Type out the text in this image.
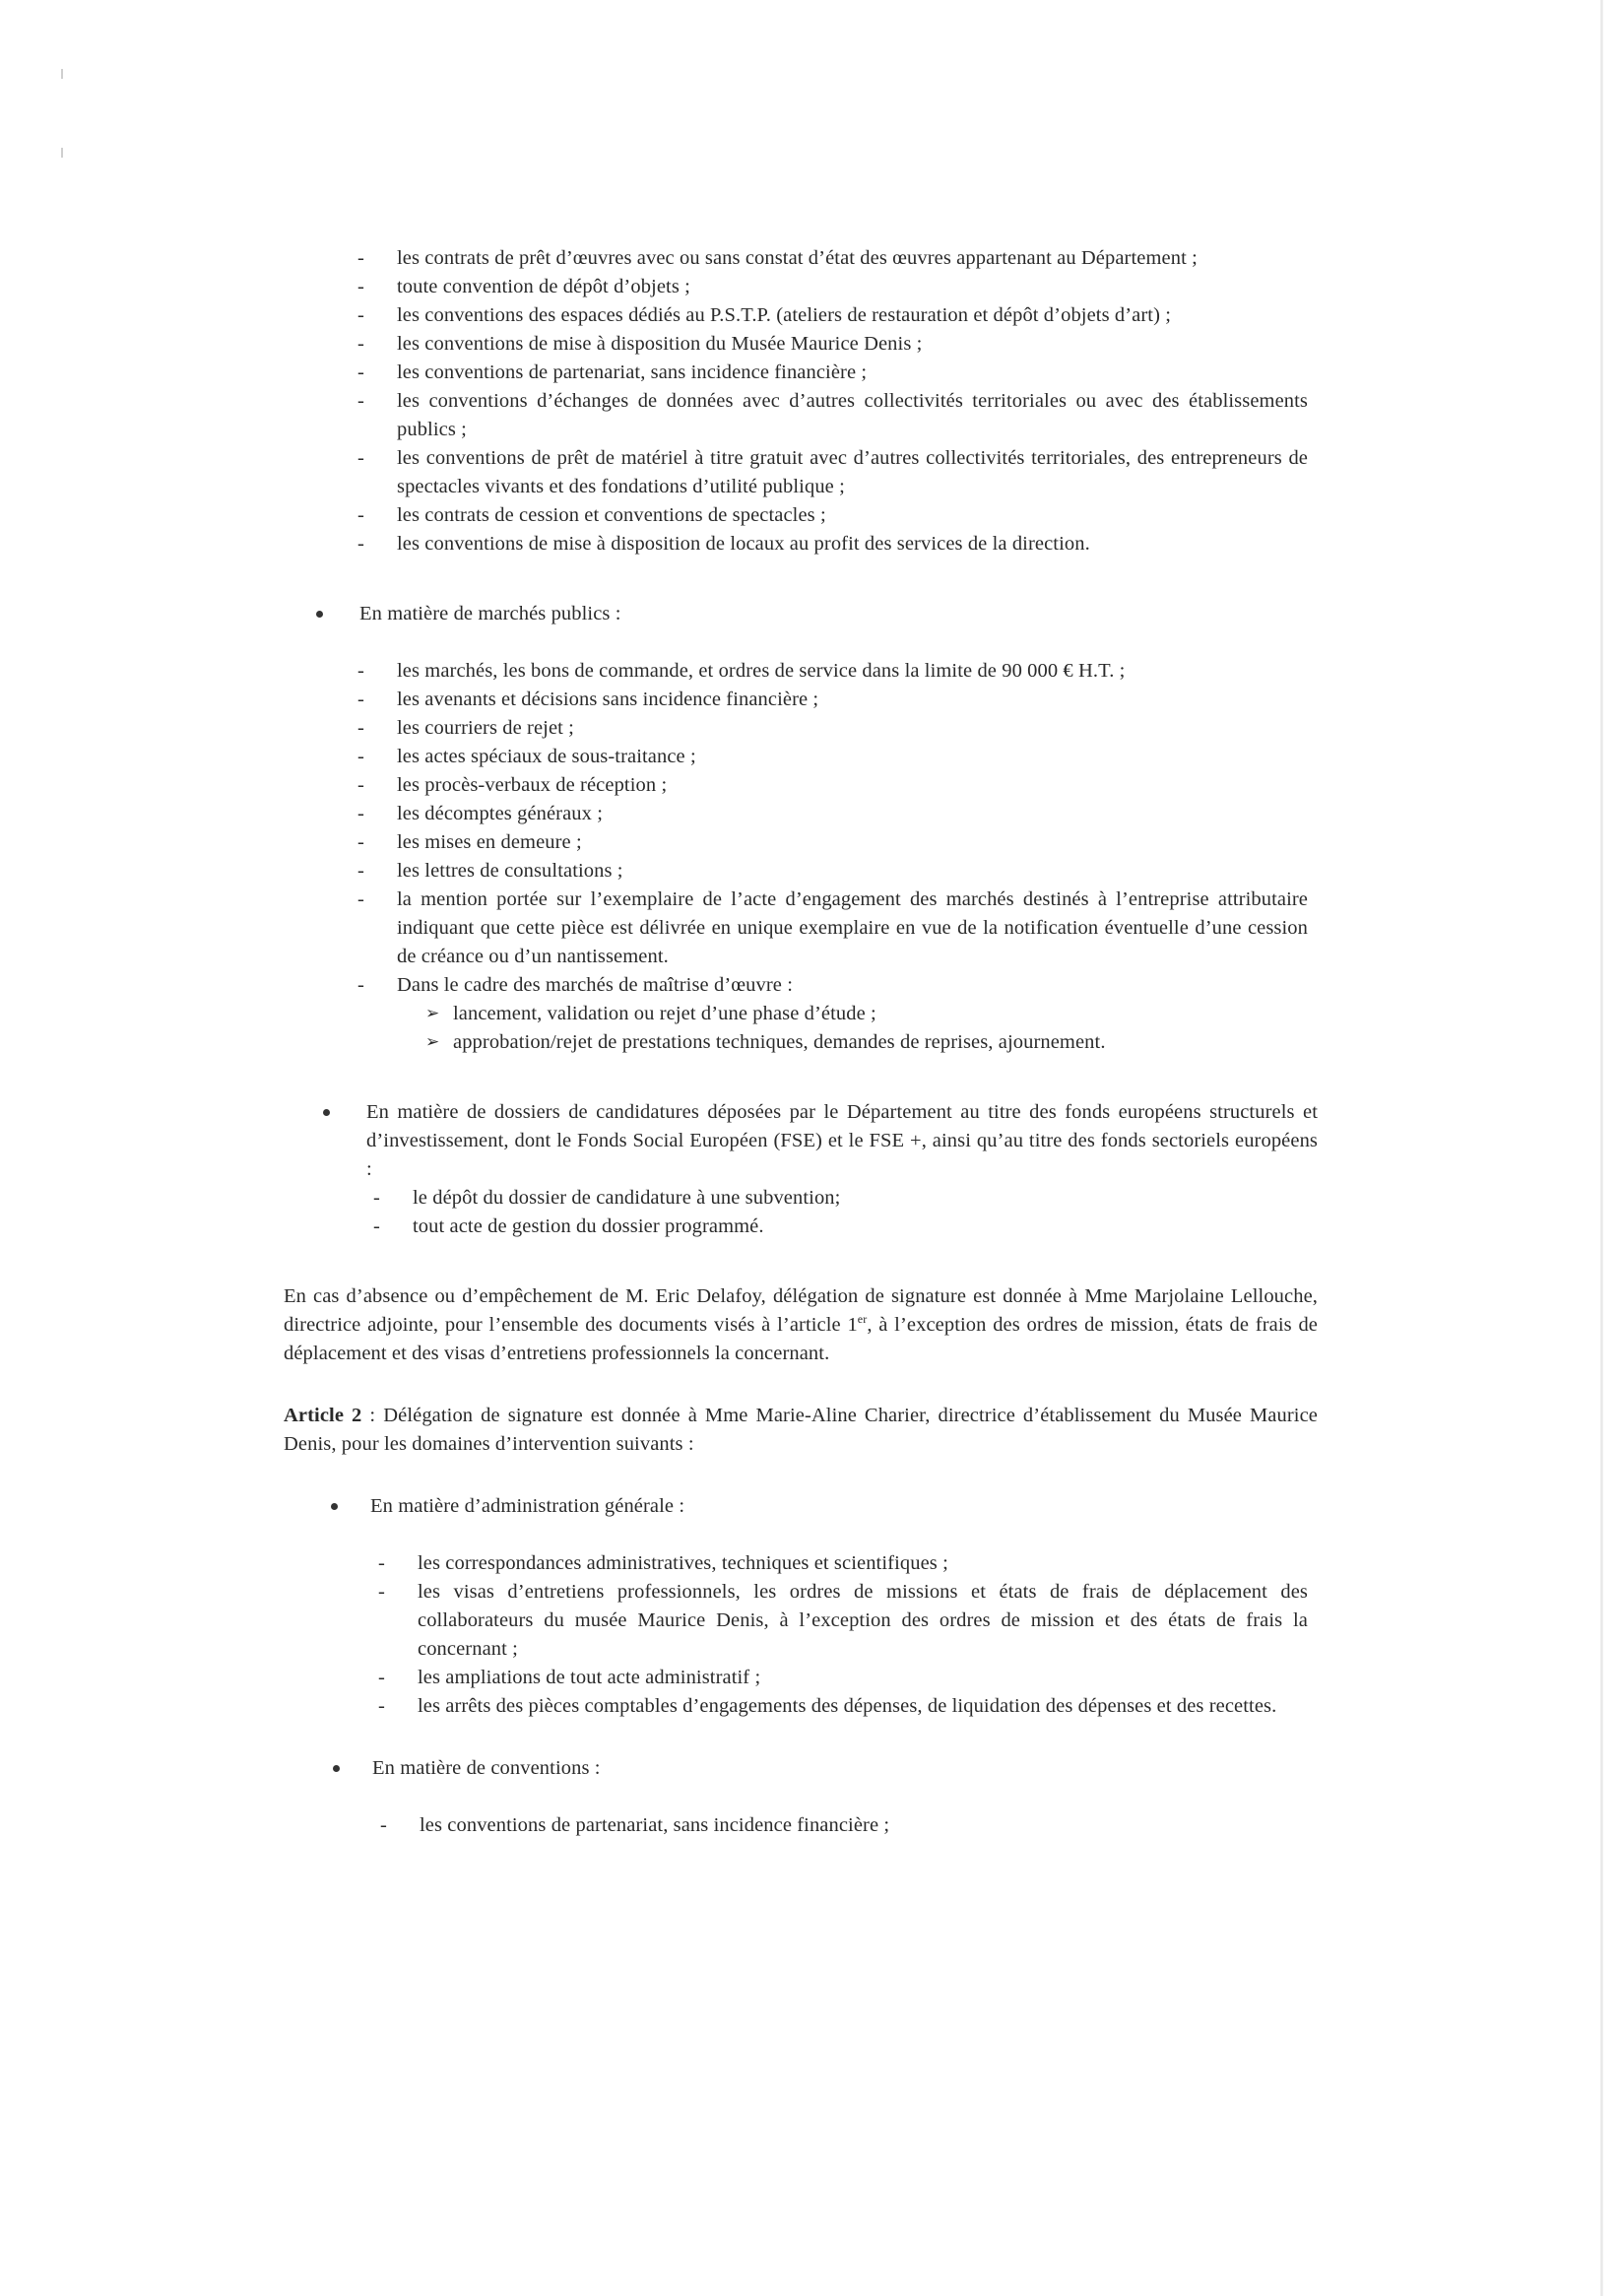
- les contrats de prêt d’œuvres avec ou sans constat d’état des œuvres appartenant au Département ;
- toute convention de dépôt d’objets ;
- les conventions des espaces dédiés au P.S.T.P. (ateliers de restauration et dépôt d’objets d’art) ;
- les conventions de mise à disposition du Musée Maurice Denis ;
- les conventions de partenariat, sans incidence financière ;
- les conventions d’échanges de données avec d’autres collectivités territoriales ou avec des établissements publics ;
- les conventions de prêt de matériel à titre gratuit avec d’autres collectivités territoriales, des entrepreneurs de spectacles vivants et des fondations d’utilité publique ;
- les contrats de cession et conventions de spectacles ;
- les conventions de mise à disposition de locaux au profit des services de la direction.
En matière de marchés publics :
- les marchés, les bons de commande, et ordres de service dans la limite de 90 000 € H.T. ;
- les avenants et décisions sans incidence financière ;
- les courriers de rejet ;
- les actes spéciaux de sous-traitance ;
- les procès-verbaux de réception ;
- les décomptes généraux ;
- les mises en demeure ;
- les lettres de consultations ;
- la mention portée sur l’exemplaire de l’acte d’engagement des marchés destinés à l’entreprise attributaire indiquant que cette pièce est délivrée en unique exemplaire en vue de la notification éventuelle d’une cession de créance ou d’un nantissement.
- Dans le cadre des marchés de maîtrise d’œuvre :
➢ lancement, validation ou rejet d’une phase d’étude ;
➢ approbation/rejet de prestations techniques, demandes de reprises, ajournement.
En matière de dossiers de candidatures déposées par le Département au titre des fonds européens structurels et d’investissement, dont le Fonds Social Européen (FSE) et le FSE +, ainsi qu’au titre des fonds sectoriels européens :
- le dépôt du dossier de candidature à une subvention;
- tout acte de gestion du dossier programmé.

En cas d’absence ou d’empêchement de M. Eric Delafoy, délégation de signature est donnée à Mme Marjolaine Lellouche, directrice adjointe, pour l’ensemble des documents visés à l’article 1er, à l’exception des ordres de mission, états de frais de déplacement et des visas d’entretiens professionnels la concernant.

Article 2 : Délégation de signature est donnée à Mme Marie-Aline Charier, directrice d’établissement du Musée Maurice Denis, pour les domaines d’intervention suivants :

En matière d’administration générale :
- les correspondances administratives, techniques et scientifiques ;
- les visas d’entretiens professionnels, les ordres de missions et états de frais de déplacement des collaborateurs du musée Maurice Denis, à l’exception des ordres de mission et des états de frais la concernant ;
- les ampliations de tout acte administratif ;
- les arrêts des pièces comptables d’engagements des dépenses, de liquidation des dépenses et des recettes.
En matière de conventions :
- les conventions de partenariat, sans incidence financière ;
